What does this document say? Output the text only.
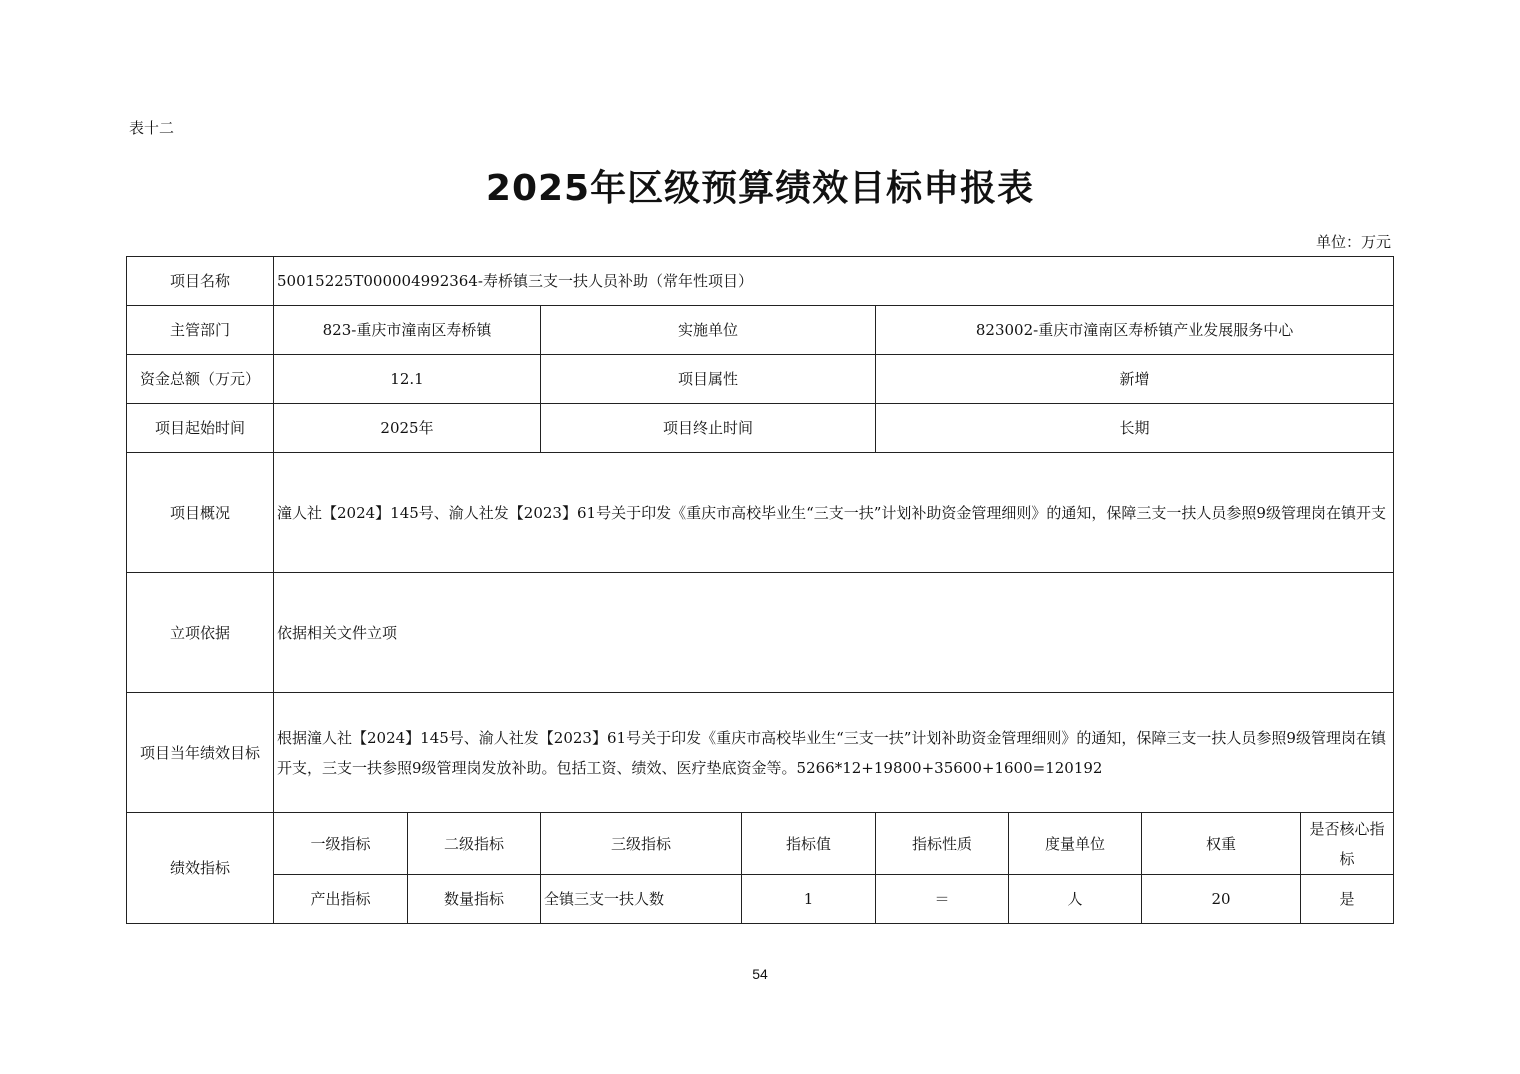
表十二
2025年区级预算绩效目标申报表
单位：万元
项目名称	50015225T000004992364-寿桥镇三支一扶人员补助（常年性项目）							
主管部门	823-重庆市潼南区寿桥镇		实施单位		823002-重庆市潼南区寿桥镇产业发展服务中心			
资金总额（万元）	12.1		项目属性		新增			
项目起始时间	2025年		项目终止时间		长期			
项目概况	潼人社【2024】145号、渝人社发【2023】61号关于印发《重庆市高校毕业生“三支一扶”计划补助资金管理细则》的通知，保障三支一扶人员参照9级管理岗在镇开支							
立项依据	依据相关文件立项							
项目当年绩效目标	根据潼人社【2024】145号、渝人社发【2023】61号关于印发《重庆市高校毕业生“三支一扶”计划补助资金管理细则》的通知，保障三支一扶人员参照9级管理岗在镇开支，三支一扶参照9级管理岗发放补助。包括工资、绩效、医疗垫底资金等。5266*12+19800+35600+1600=120192							
绩效指标	一级指标	二级指标	三级指标	指标值	指标性质	度量单位	权重	是否核心指标
	产出指标	数量指标	全镇三支一扶人数	1	＝	人	20	是
54
